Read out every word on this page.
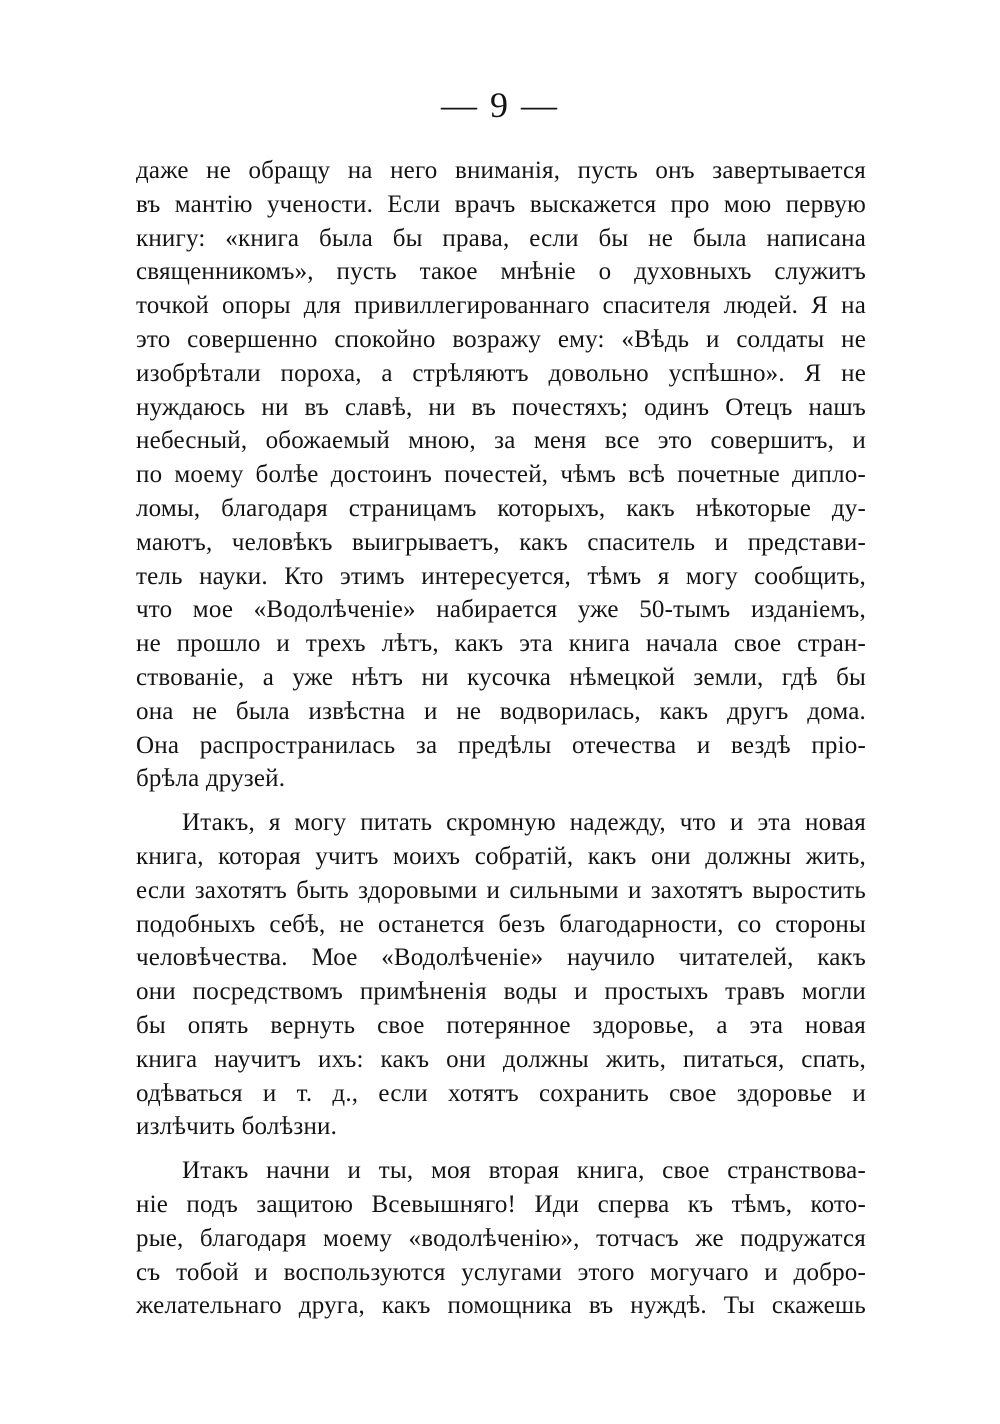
— 9 —
даже не обращу на него вниманія, пусть онъ завертывается
въ мантію учености. Если врачъ выскажется про мою первую
книгу: «книга была бы права, если бы не была написана
священникомъ», пусть такое мнѣніе о духовныхъ служитъ
точкой опоры для привиллегированнаго спасителя людей. Я на
это совершенно спокойно возражу ему: «Вѣдь и солдаты не
изобрѣтали пороха, а стрѣляютъ довольно успѣшно». Я не
нуждаюсь ни въ славѣ, ни въ почестяхъ; одинъ Отецъ нашъ
небесный, обожаемый мною, за меня все это совершитъ, и
по моему болѣе достоинъ почестей, чѣмъ всѣ почетные дипло-
ломы, благодаря страницамъ которыхъ, какъ нѣкоторые ду-
маютъ, человѣкъ выигрываетъ, какъ спаситель и представи-
тель науки. Кто этимъ интересуется, тѣмъ я могу сообщить,
что мое «Водолѣченіе» набирается уже 50-тымъ изданіемъ,
не прошло и трехъ лѣтъ, какъ эта книга начала свое стран-
ствованіе, а уже нѣтъ ни кусочка нѣмецкой земли, гдѣ бы
она не была извѣстна и не водворилась, какъ другъ дома.
Она распространилась за предѣлы отечества и вездѣ пріо-
брѣла друзей.
Итакъ, я могу питать скромную надежду, что и эта новая
книга, которая учитъ моихъ собратій, какъ они должны жить,
если захотятъ быть здоровыми и сильными и захотятъ выростить
подобныхъ себѣ, не останется безъ благодарности, со стороны
человѣчества. Мое «Водолѣченіе» научило читателей, какъ
они посредствомъ примѣненія воды и простыхъ травъ могли
бы опять вернуть свое потерянное здоровье, а эта новая
книга научитъ ихъ: какъ они должны жить, питаться, спать,
одѣваться и т. д., если хотятъ сохранить свое здоровье и
излѣчить болѣзни.
Итакъ начни и ты, моя вторая книга, свое странствова-
ніе подъ защитою Всевышняго! Иди сперва къ тѣмъ, кото-
рые, благодаря моему «водолѣченію», тотчасъ же подружатся
съ тобой и воспользуются услугами этого могучаго и добро-
желательнаго друга, какъ помощника въ нуждѣ. Ты скажешь
